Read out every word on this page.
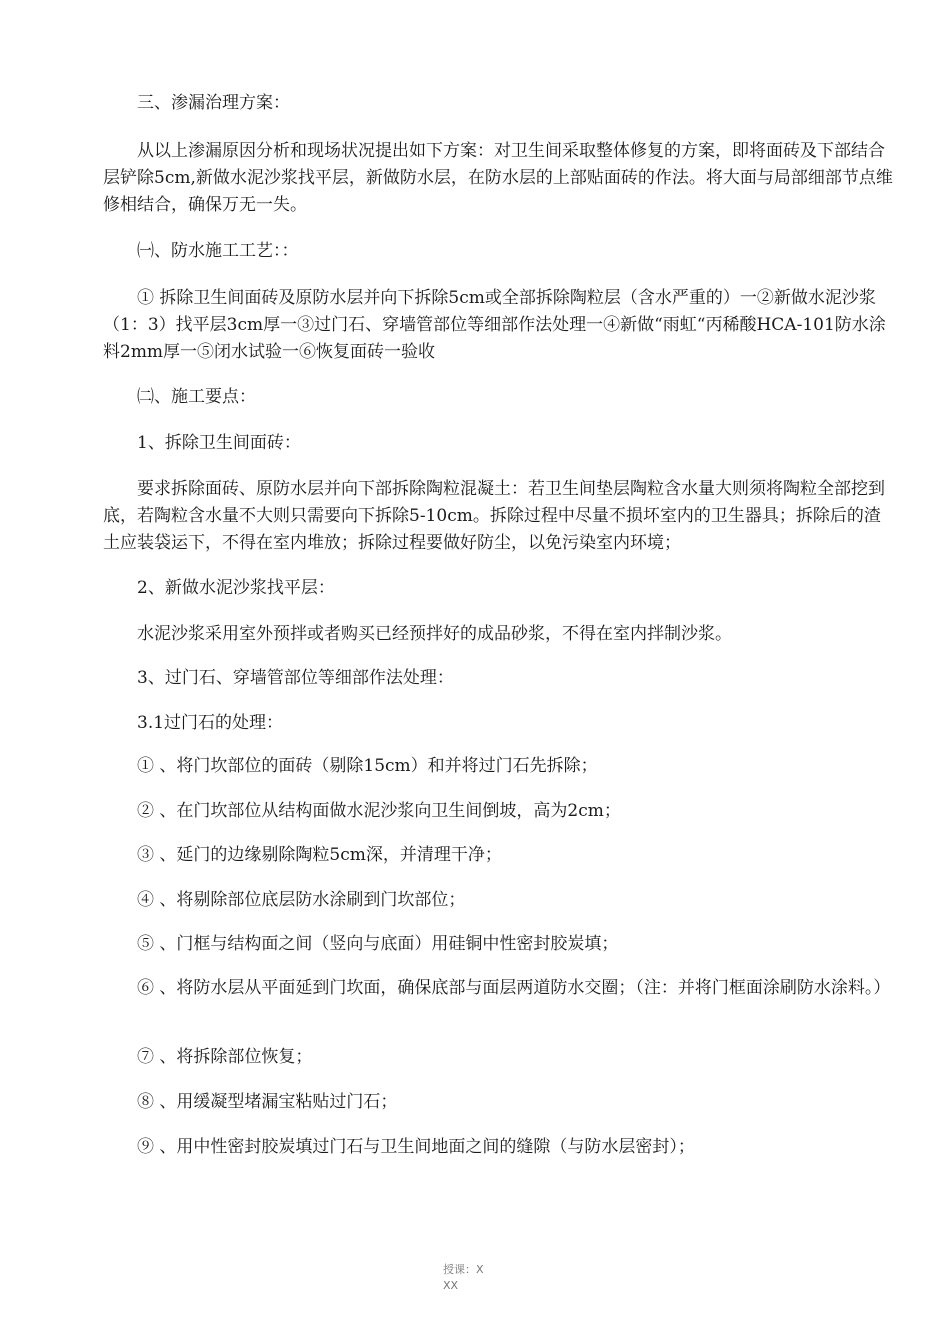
三、渗漏治理方案：

从以上渗漏原因分析和现场状况提出如下方案：对卫生间采取整体修复的方案，即将面砖及下部结合层铲除5cm,新做水泥沙浆找平层，新做防水层，在防水层的上部贴面砖的作法。将大面与局部细部节点维修相结合，确保万无一失。

㈠、防水施工工艺：：

① 拆除卫生间面砖及原防水层并向下拆除5cm或全部拆除陶粒层（含水严重的）一②新做水泥沙浆（1：3）找平层3cm厚一③过门石、穿墙管部位等细部作法处理一④新做“雨虹“丙稀酸HCA-101防水涂料2mm厚一⑤闭水试验一⑥恢复面砖一验收

㈡、施工要点：

1、拆除卫生间面砖：

要求拆除面砖、原防水层并向下部拆除陶粒混凝土：若卫生间垫层陶粒含水量大则须将陶粒全部挖到底，若陶粒含水量不大则只需要向下拆除5-10cm。拆除过程中尽量不损坏室内的卫生器具；拆除后的渣土应装袋运下，不得在室内堆放；拆除过程要做好防尘，以免污染室内环境；

2、新做水泥沙浆找平层：

水泥沙浆采用室外预拌或者购买已经预拌好的成品砂浆，不得在室内拌制沙浆。

3、过门石、穿墙管部位等细部作法处理：

3.1过门石的处理：

① 、将门坎部位的面砖（剔除15cm）和并将过门石先拆除；

② 、在门坎部位从结构面做水泥沙浆向卫生间倒坡，高为2cm；

③ 、延门的边缘剔除陶粒5cm深，并清理干净；

④ 、将剔除部位底层防水涂刷到门坎部位；

⑤ 、门框与结构面之间（竖向与底面）用硅铜中性密封胶炭填；

⑥ 、将防水层从平面延到门坎面，确保底部与面层两道防水交圈；（注：并将门框面涂刷防水涂料。）

⑦ 、将拆除部位恢复；

⑧ 、用缓凝型堵漏宝粘贴过门石；

⑨ 、用中性密封胶炭填过门石与卫生间地面之间的缝隙（与防水层密封）；

授课：X
XX
